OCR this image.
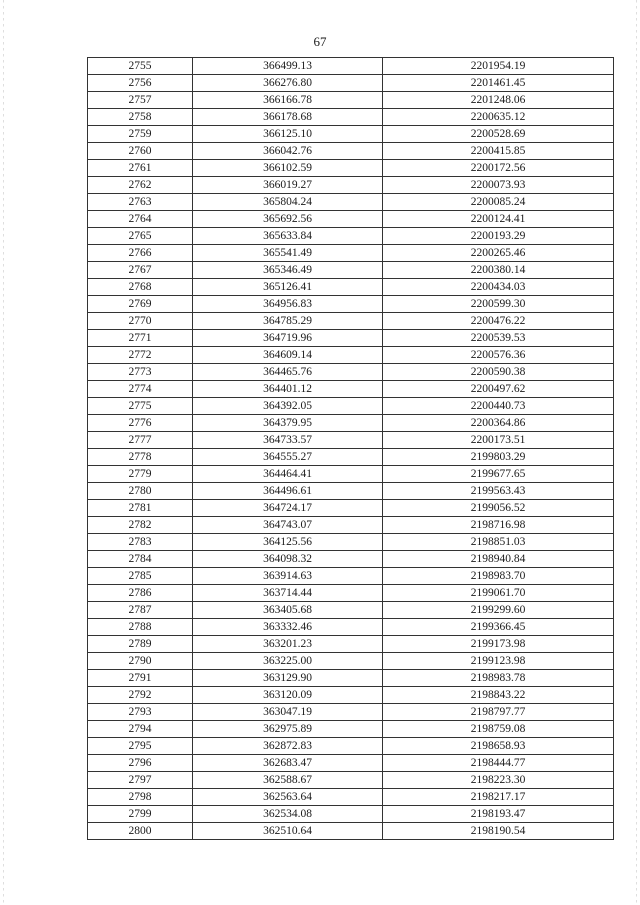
67
2755	366499.13	2201954.19
2756	366276.80	2201461.45
2757	366166.78	2201248.06
2758	366178.68	2200635.12
2759	366125.10	2200528.69
2760	366042.76	2200415.85
2761	366102.59	2200172.56
2762	366019.27	2200073.93
2763	365804.24	2200085.24
2764	365692.56	2200124.41
2765	365633.84	2200193.29
2766	365541.49	2200265.46
2767	365346.49	2200380.14
2768	365126.41	2200434.03
2769	364956.83	2200599.30
2770	364785.29	2200476.22
2771	364719.96	2200539.53
2772	364609.14	2200576.36
2773	364465.76	2200590.38
2774	364401.12	2200497.62
2775	364392.05	2200440.73
2776	364379.95	2200364.86
2777	364733.57	2200173.51
2778	364555.27	2199803.29
2779	364464.41	2199677.65
2780	364496.61	2199563.43
2781	364724.17	2199056.52
2782	364743.07	2198716.98
2783	364125.56	2198851.03
2784	364098.32	2198940.84
2785	363914.63	2198983.70
2786	363714.44	2199061.70
2787	363405.68	2199299.60
2788	363332.46	2199366.45
2789	363201.23	2199173.98
2790	363225.00	2199123.98
2791	363129.90	2198983.78
2792	363120.09	2198843.22
2793	363047.19	2198797.77
2794	362975.89	2198759.08
2795	362872.83	2198658.93
2796	362683.47	2198444.77
2797	362588.67	2198223.30
2798	362563.64	2198217.17
2799	362534.08	2198193.47
2800	362510.64	2198190.54
